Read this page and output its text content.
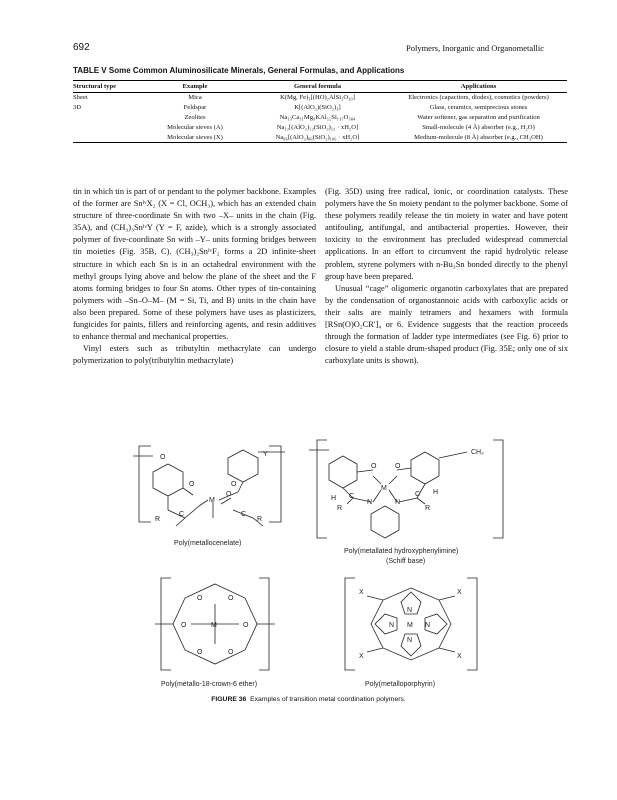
692	Polymers, Inorganic and Organometallic
TABLE V Some Common Aluminosilicate Minerals, General Formulas, and Applications
Structural type	Example	General formula	Applications
Sheet	Mica	K(Mg, Fe)₃[(HO)₂AlSi₃O₁₀]	Electronics (capacitors, diodes), cosmetics (powders)
3D	Feldspar	K[(AlO₂)(SiO₂)₃]	Glass, ceramics, semiprecious stones
	Zeolites	Na₁₃Ca₁₁Mg₉KAl₅₅Si₁₃₇O₃₈₄	Water softener, gas separation and purification
	Molecular sieves (A)	Na₁₂[(AlO₂)₁₂(SiO₂)₁₂ · xH₂O]	Small-molecule (4 Å) absorber (e.g., H₂O)
	Molecular sieves (X)	Na₈₆[(AlO₂)₈₆(SiO₂)₁₀₆ · xH₂O]	Medium-molecule (8 Å) absorber (e.g., CH₃OH)

tin in which tin is part of or pendant to the polymer backbone. Examples of the former are SnᴵᵛX₂ (X = Cl, OCH₃), which has an extended chain structure of three-coordinate Sn with two –X– units in the chain (Fig. 35A), and (CH₃)₃SnᴵᵛY (Y = F, azide), which is a strongly associated polymer of five-coordinate Sn with –Y– units forming bridges between tin moieties (Fig. 35B, C). (CH₃)₂SnᴵᵛF₂ forms a 2D infinite-sheet structure in which each Sn is in an octahedral environment with the methyl groups lying above and below the plane of the sheet and the F atoms forming bridges to four Sn atoms. Other types of tin-containing polymers with –Sn–O–M– (M = Si, Ti, and B) units in the chain have also been prepared. Some of these polymers have uses as plasticizers, fungicides for paints, fillers and reinforcing agents, and resin additives to enhance thermal and mechanical properties.

Vinyl esters such as tributyltin methacrylate can undergo polymerization to poly(tributyltin methacrylate)

(Fig. 35D) using free radical, ionic, or coordination catalysts. These polymers have the Sn moiety pendant to the polymer backbone. Some of these polymers readily release the tin moiety in water and have potent antifouling, antifungal, and antibacterial properties. However, their toxicity to the environment has precluded widespread commercial applications. In an effort to circumvent the rapid hydrolytic release problem, styrene polymers with n-Bu₃Sn bonded directly to the phenyl group have been prepared.

Unusual “cage” oligomeric organotin carboxylates that are prepared by the condensation of organostannoic acids with carboxylic acids or their salts are mainly tetramers and hexamers with formula [RSn(O)O₂CR′]₄ or 6. Evidence suggests that the reaction proceeds through the formation of ladder type intermediates (see Fig. 6) prior to closure to yield a stable drum-shaped product (Fig. 35E; only one of six carboxylate units is shown).

O
O
O
O
M
R	R
C	C
Y
Poly(metallocenelate)
O	O
M
N	N
C	C
R	R
H
H
CH₂
Poly(metallated hydroxyphenylimine)
(Schiff base)
O	O
O	O
O	O
M
Poly(metallo-18-crown-6 ether)
N
N
N	N
M
X	X
X	X
Poly(metalloporphyrin)
FIGURE 36 Examples of transition metal coordination polymers.
